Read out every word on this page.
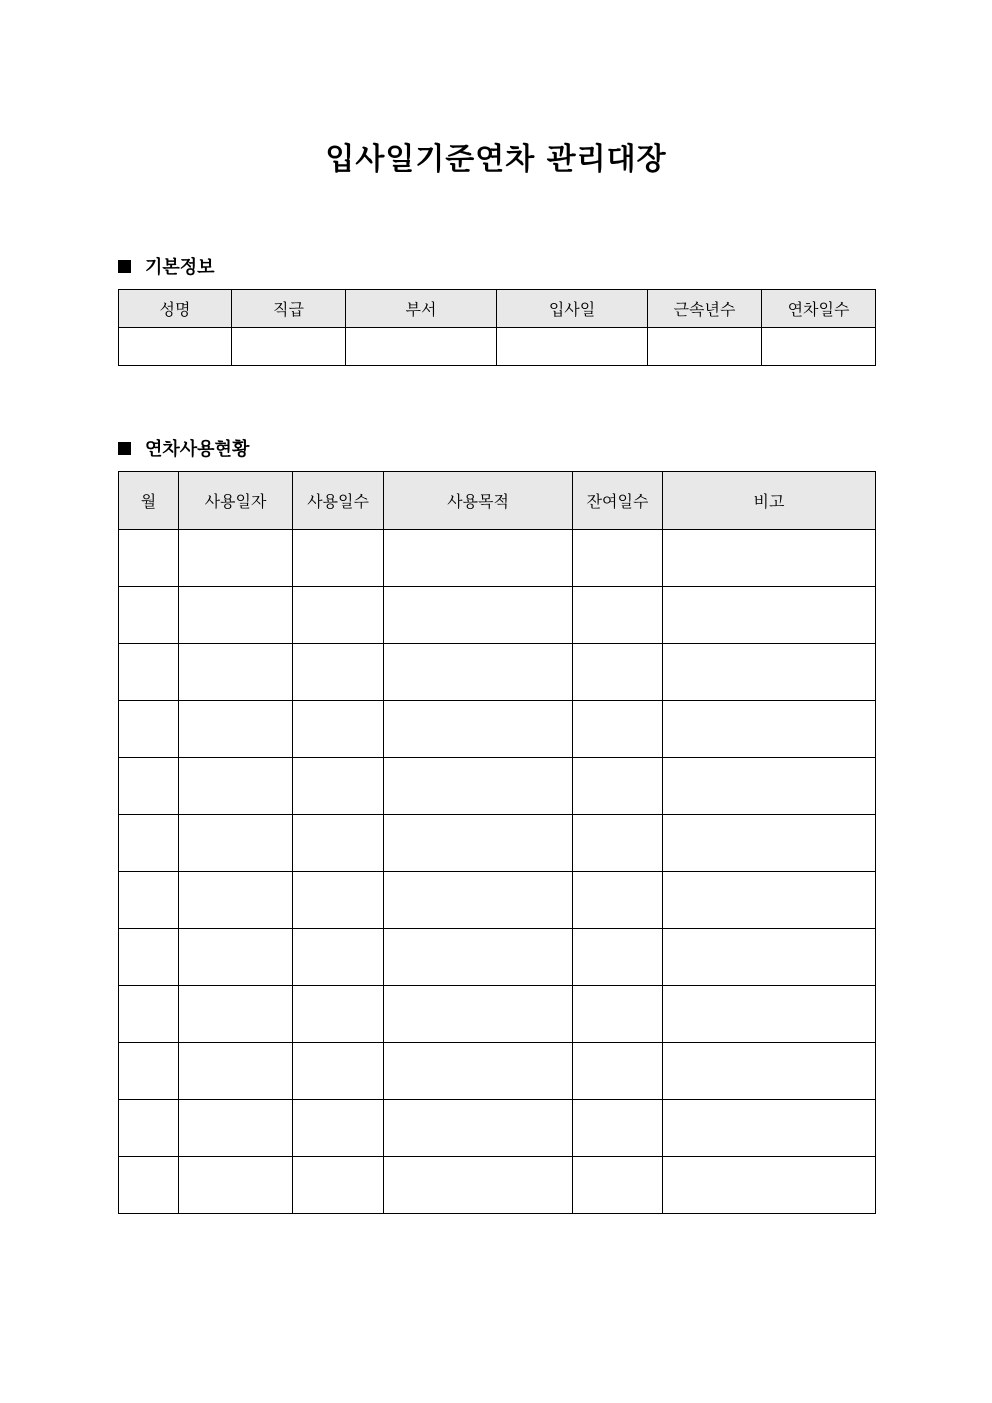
입사일기준연차 관리대장
기본정보
성명	직급	부서	입사일	근속년수	연차일수

연차사용현황
월	사용일자	사용일수	사용목적	잔여일수	비고
